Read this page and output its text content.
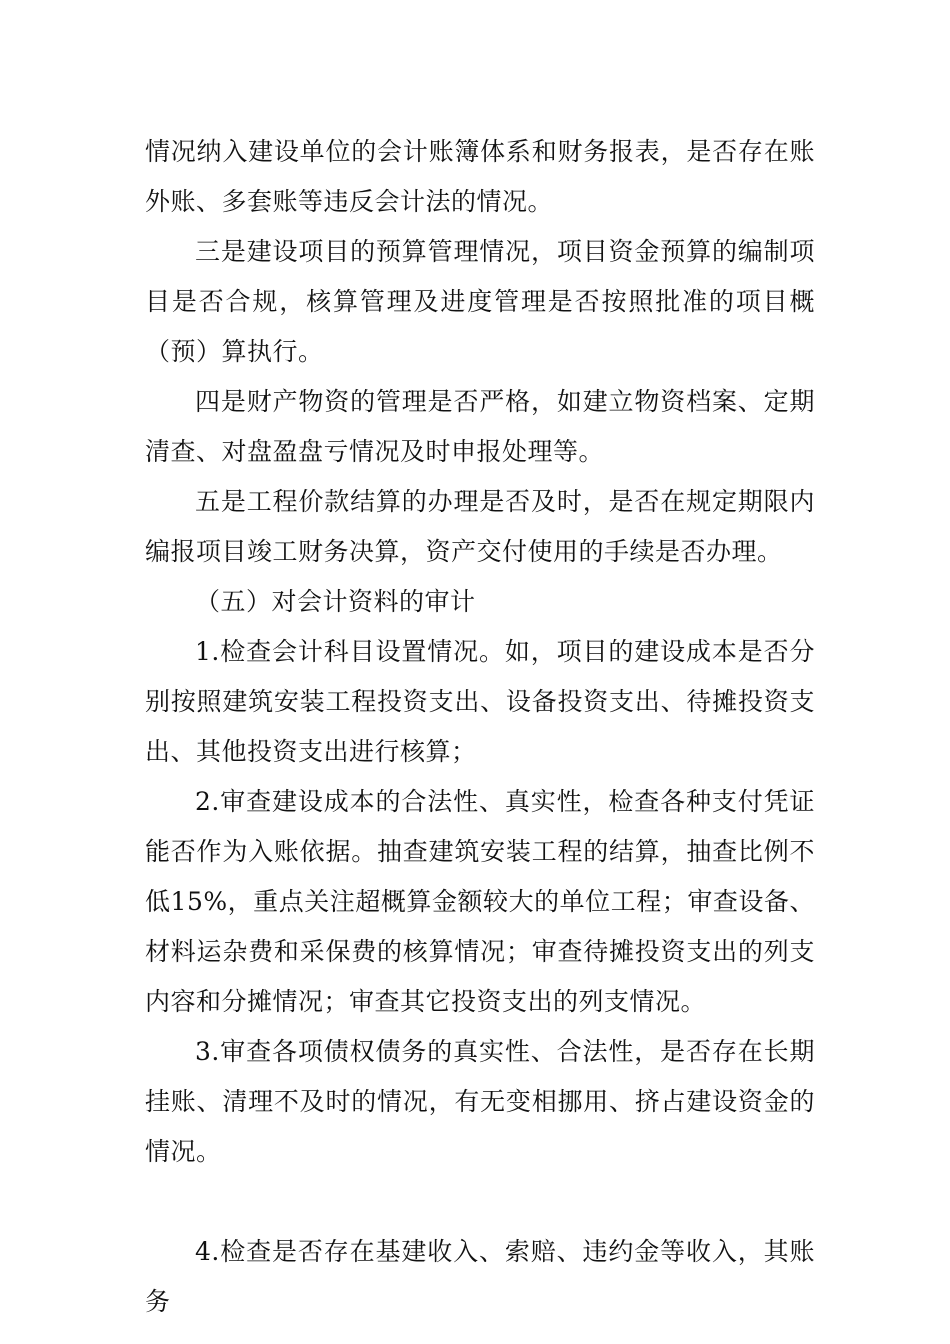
情况纳入建设单位的会计账簿体系和财务报表，是否存在账外账、多套账等违反会计法的情况。

三是建设项目的预算管理情况，项目资金预算的编制项目是否合规，核算管理及进度管理是否按照批准的项目概（预）算执行。

四是财产物资的管理是否严格，如建立物资档案、定期清查、对盘盈盘亏情况及时申报处理等。

五是工程价款结算的办理是否及时，是否在规定期限内编报项目竣工财务决算，资产交付使用的手续是否办理。

（五）对会计资料的审计

1.检查会计科目设置情况。如，项目的建设成本是否分别按照建筑安装工程投资支出、设备投资支出、待摊投资支出、其他投资支出进行核算；

2.审查建设成本的合法性、真实性，检查各种支付凭证能否作为入账依据。抽查建筑安装工程的结算，抽查比例不低15%，重点关注超概算金额较大的单位工程；审查设备、材料运杂费和采保费的核算情况；审查待摊投资支出的列支内容和分摊情况；审查其它投资支出的列支情况。

3.审查各项债权债务的真实性、合法性，是否存在长期挂账、清理不及时的情况，有无变相挪用、挤占建设资金的情况。

4.检查是否存在基建收入、索赔、违约金等收入，其账务
